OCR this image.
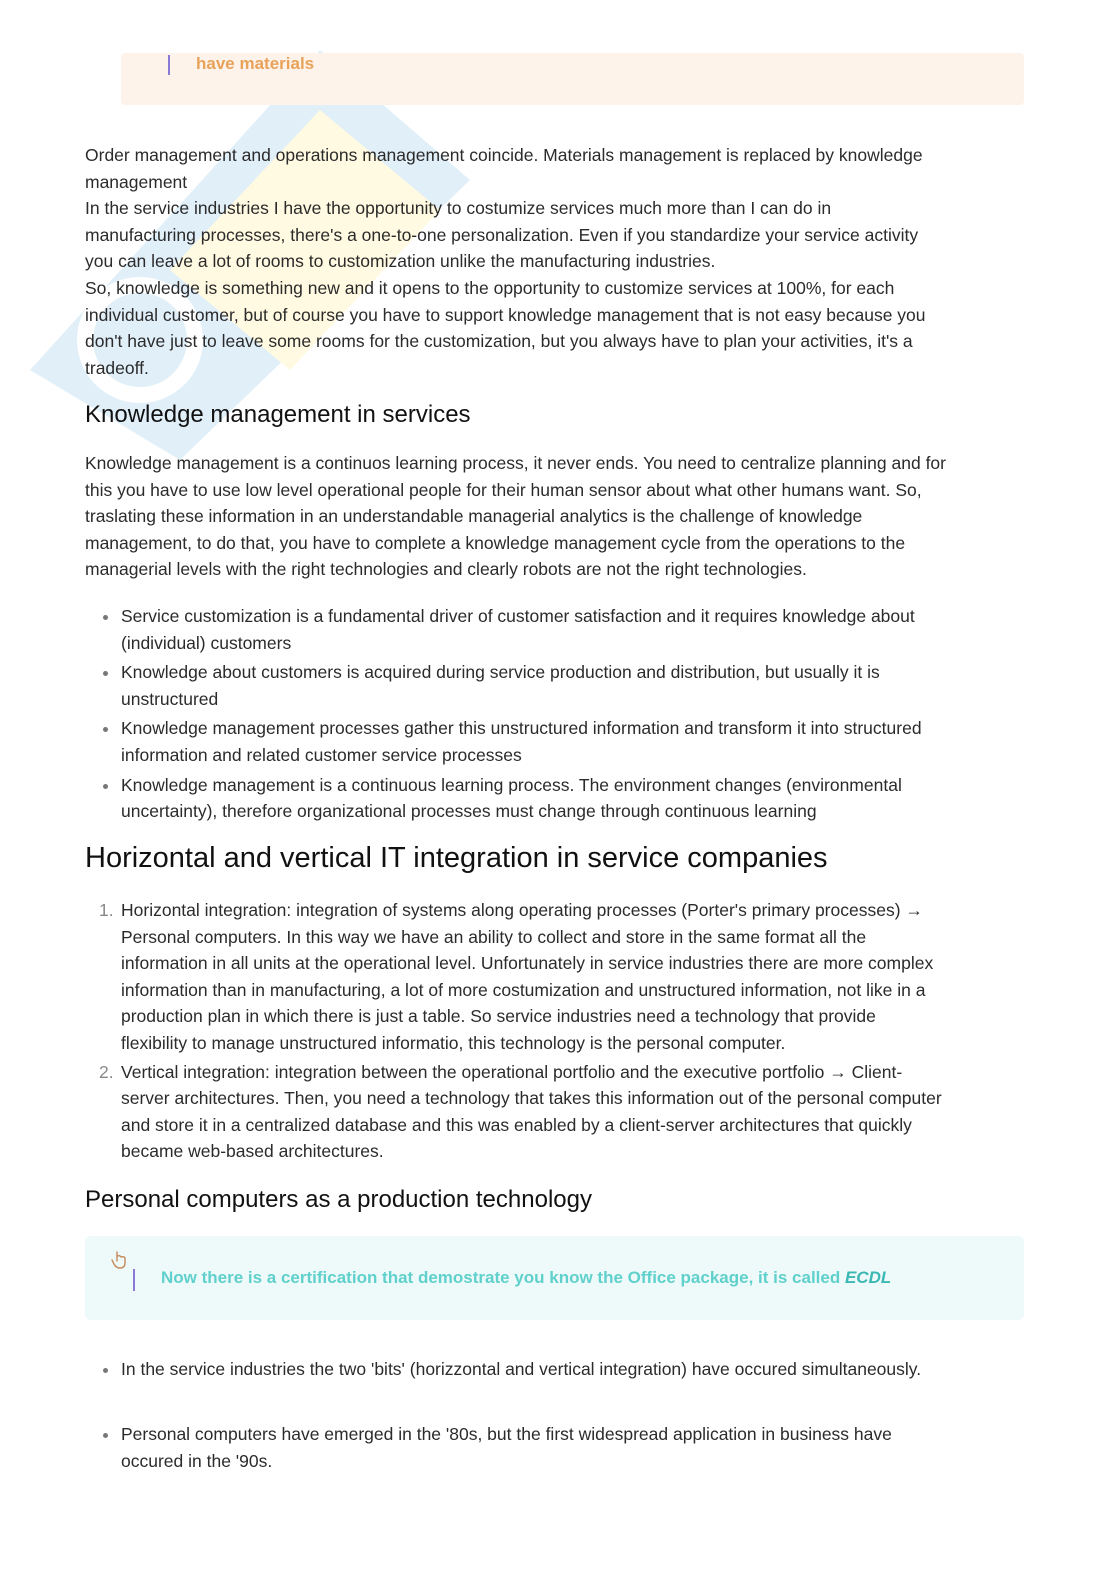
have materials
Order management and operations management coincide. Materials management is replaced by knowledge
management
In the service industries I have the opportunity to costumize services much more than I can do in
manufacturing processes, there's a one-to-one personalization. Even if you standardize your service activity
you can leave a lot of rooms to customization unlike the manufacturing industries.
So, knowledge is something new and it opens to the opportunity to customize services at 100%, for each
individual customer, but of course you have to support knowledge management that is not easy because you
don't have just to leave some rooms for the customization, but you always have to plan your activities, it's a
tradeoff.
Knowledge management in services
Knowledge management is a continuos learning process, it never ends. You need to centralize planning and for
this you have to use low level operational people for their human sensor about what other humans want. So,
traslating these information in an understandable managerial analytics is the challenge of knowledge
management, to do that, you have to complete a knowledge management cycle from the operations to the
managerial levels with the right technologies and clearly robots are not the right technologies.
Service customization is a fundamental driver of customer satisfaction and it requires knowledge about
(individual) customers
Knowledge about customers is acquired during service production and distribution, but usually it is
unstructured
Knowledge management processes gather this unstructured information and transform it into structured
information and related customer service processes
Knowledge management is a continuous learning process. The environment changes (environmental
uncertainty), therefore organizational processes must change through continuous learning
Horizontal and vertical IT integration in service companies
1. Horizontal integration: integration of systems along operating processes (Porter's primary processes) →
Personal computers. In this way we have an ability to collect and store in the same format all the
information in all units at the operational level. Unfortunately in service industries there are more complex
information than in manufacturing, a lot of more costumization and unstructured information, not like in a
production plan in which there is just a table. So service industries need a technology that provide
flexibility to manage unstructured informatio, this technology is the personal computer.
2. Vertical integration: integration between the operational portfolio and the executive portfolio → Client-
server architectures. Then, you need a technology that takes this information out of the personal computer
and store it in a centralized database and this was enabled by a client-server architectures that quickly
became web-based architectures.
Personal computers as a production technology
Now there is a certification that demostrate you know the Office package, it is called ECDL
In the service industries the two 'bits' (horizzontal and vertical integration) have occured simultaneously.
Personal computers have emerged in the '80s, but the first widespread application in business have
occured in the '90s.
